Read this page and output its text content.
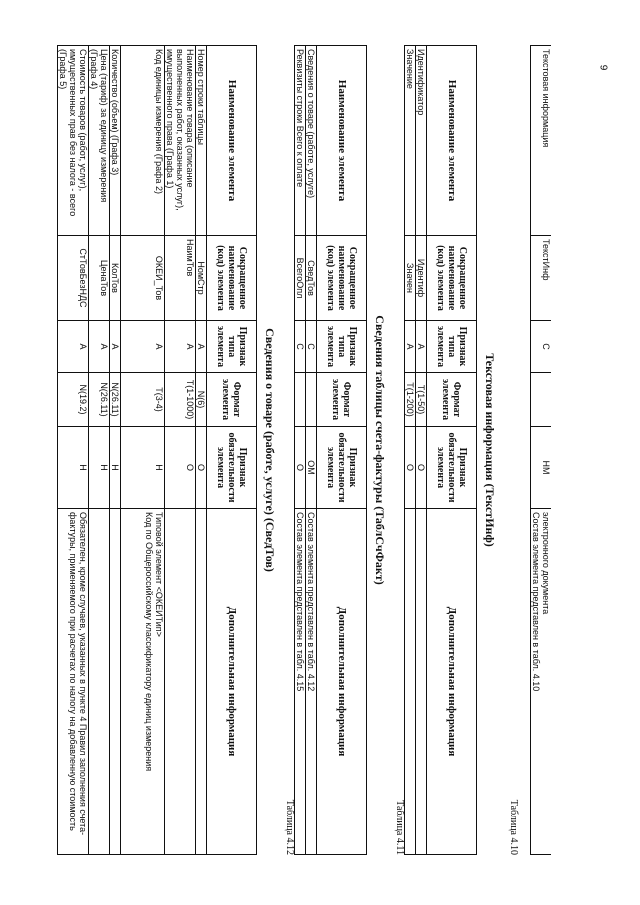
9
Текстовая информация	ТекстИнф	С		НМ	электронного документа
Состав элемента представлен в табл. 4.10
Таблица 4.10
Текстовая информация (ТекстИнф)
Наименование элемента	Сокращенное наименование (код) элемента	Признак типа элемента	Формат элемента	Признак обязательности элемента	Дополнительная информация
Идентификатор	Идентиф	А	Т(1-50)	О	
Значение	Значен	А	Т(1-200)	О	
Таблица 4.11
Сведения таблицы счета-фактуры (ТаблСчФакт)
Наименование элемента	Сокращенное наименование (код) элемента	Признак типа элемента	Формат элемента	Признак обязательности элемента	Дополнительная информация
Сведения о товаре (работе, услуге)	СведТов	С		ОМ	Состав элемента представлен в табл. 4.12
Реквизиты строки Всего к оплате	ВсегоОпл	С		О	Состав элемента представлен в табл. 4.15
Таблица 4.12
Сведения о товаре (работе, услуге) (СведТов)
Наименование элемента	Сокращенное наименование (код) элемента	Признак типа элемента	Формат элемента	Признак обязательности элемента	Дополнительная информация
Номер строки таблицы	НомСтр	А	N(6)	О	
Наименование товара (описание выполненных работ, оказанных услуг), имущественного права (Графа 1)	НаимТов	А	Т(1-1000)	О	
Код единицы измерения (Графа 2)	ОКЕИ_Тов	А	Т(3-4)	Н	Типовой элемент <ОКЕИТип>
Код по Общероссийскому классификатору единиц измерения
Количество (объем) (Графа 3)	КолТов	А	N(26.11)	Н	
Цена (тариф) за единицу измерения (Графа 4)	ЦенаТов	А	N(26.11)	Н	
Стоимость товаров (работ, услуг), имущественных прав без налога - всего (Графа 5)	СтТовБезНДС	А	N(19.2)	Н	Обязателен, кроме случаев, указанных в пункте 4 Правил заполнения счета-фактуры, применяемого при расчетах по налогу на добавленную стоимость
